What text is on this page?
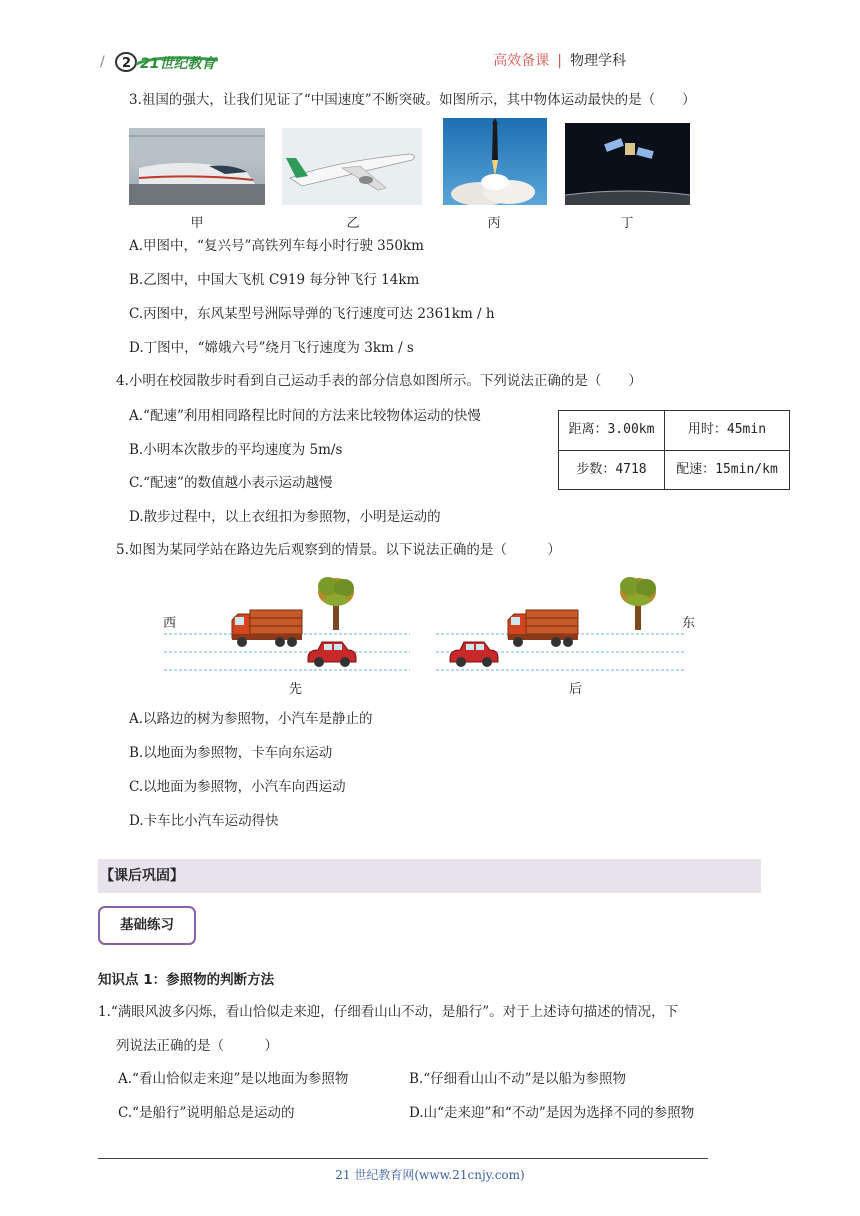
/ 2 21世纪教育	高效备课 | 物理学科
3.祖国的强大，让我们见证了“中国速度”不断突破。如图所示，其中物体运动最快的是（　　）
甲	乙	丙	丁
A.甲图中，“复兴号”高铁列车每小时行驶 350km
B.乙图中，中国大飞机 C919 每分钟飞行 14km
C.丙图中，东风某型号洲际导弹的飞行速度可达 2361km / h
D.丁图中，“嫦娥六号”绕月飞行速度为 3km / s
4.小明在校园散步时看到自己运动手表的部分信息如图所示。下列说法正确的是（　　）
A.“配速”利用相同路程比时间的方法来比较物体运动的快慢
B.小明本次散步的平均速度为 5m/s
C.“配速”的数值越小表示运动越慢
D.散步过程中，以上衣纽扣为参照物，小明是运动的
距离：3.00km	用时：45min
步数：4718	配速：15min/km
5.如图为某同学站在路边先后观察到的情景。以下说法正确的是（　　　）
西	东
先	后
A.以路边的树为参照物，小汽车是静止的
B.以地面为参照物，卡车向东运动
C.以地面为参照物，小汽车向西运动
D.卡车比小汽车运动得快
【课后巩固】
基础练习
知识点 1：参照物的判断方法
1.“满眼风波多闪烁，看山恰似走来迎，仔细看山山不动，是船行”。对于上述诗句描述的情况，下
列说法正确的是（　　　）
A.“看山恰似走来迎”是以地面为参照物	B.“仔细看山山不动”是以船为参照物
C.“是船行”说明船总是运动的	D.山“走来迎”和“不动”是因为选择不同的参照物
21 世纪教育网(www.21cnjy.com)
